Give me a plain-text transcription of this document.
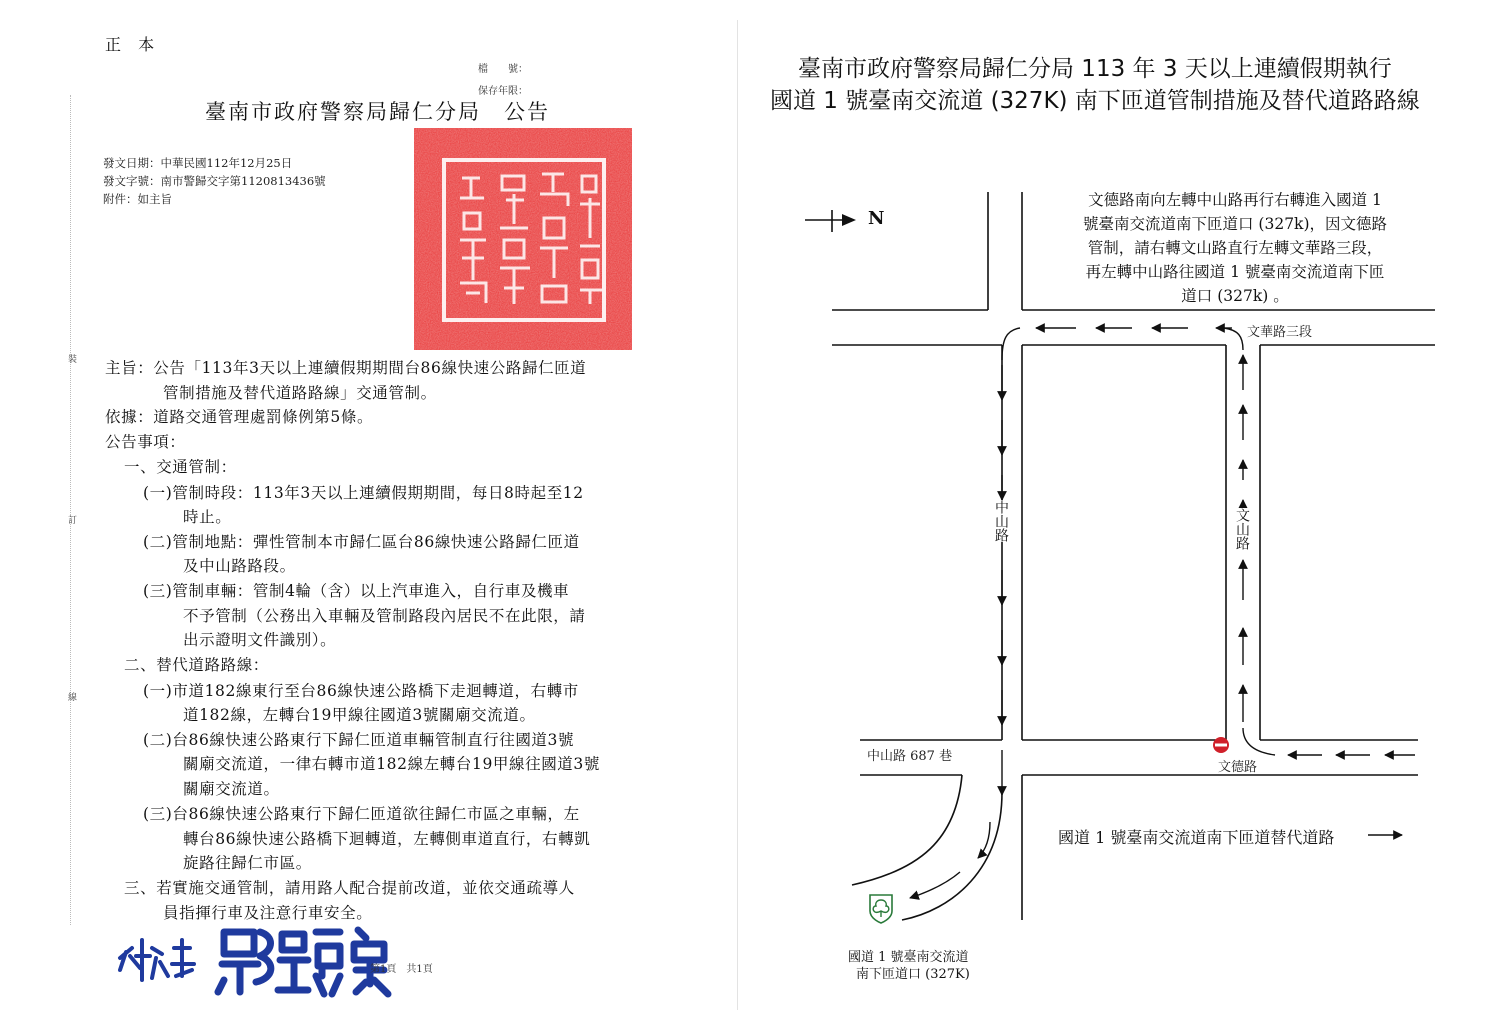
裝
訂
線
正 本
檔　　號：
保存年限：
臺南市政府警察局歸仁分局　公告
發文日期：中華民國112年12月25日
發文字號：南市警歸交字第1120813436號
附件：如主旨
主旨：公告「113年3天以上連續假期期間台86線快速公路歸仁匝道
管制措施及替代道路路線」交通管制。
依據：道路交通管理處罰條例第5條。
公告事項：
一、交通管制：
(一)管制時段：113年3天以上連續假期期間，每日8時起至12
時止。
(二)管制地點：彈性管制本市歸仁區台86線快速公路歸仁匝道
及中山路路段。
(三)管制車輛：管制4輪（含）以上汽車進入，自行車及機車
不予管制（公務出入車輛及管制路段內居民不在此限，請
出示證明文件識別）。
二、替代道路路線：
(一)市道182線東行至台86線快速公路橋下走迴轉道，右轉市
道182線，左轉台19甲線往國道3號關廟交流道。
(二)台86線快速公路東行下歸仁匝道車輛管制直行往國道3號
關廟交流道，一律右轉市道182線左轉台19甲線往國道3號
關廟交流道。
(三)台86線快速公路東行下歸仁匝道欲往歸仁市區之車輛，左
轉台86線快速公路橋下迴轉道，左轉側車道直行，右轉凱
旋路往歸仁市區。
三、若實施交通管制，請用路人配合提前改道，並依交通疏導人
員指揮行車及注意行車安全。
第1頁　共1頁
臺南市政府警察局歸仁分局 113 年 3 天以上連續假期執行
國道 1 號臺南交流道 (327K) 南下匝道管制措施及替代道路路線
N
文德路南向左轉中山路再行右轉進入國道 1
號臺南交流道南下匝道口 (327k)，因文德路
管制，請右轉文山路直行左轉文華路三段，
再左轉中山路往國道 1 號臺南交流道南下匝
道口 (327k) 。
文華路三段
中山路	文山路
中山路 687 巷
文德路
國道 1 號臺南交流道南下匝道替代道路
國道 1 號臺南交流道
南下匝道口 (327K)
